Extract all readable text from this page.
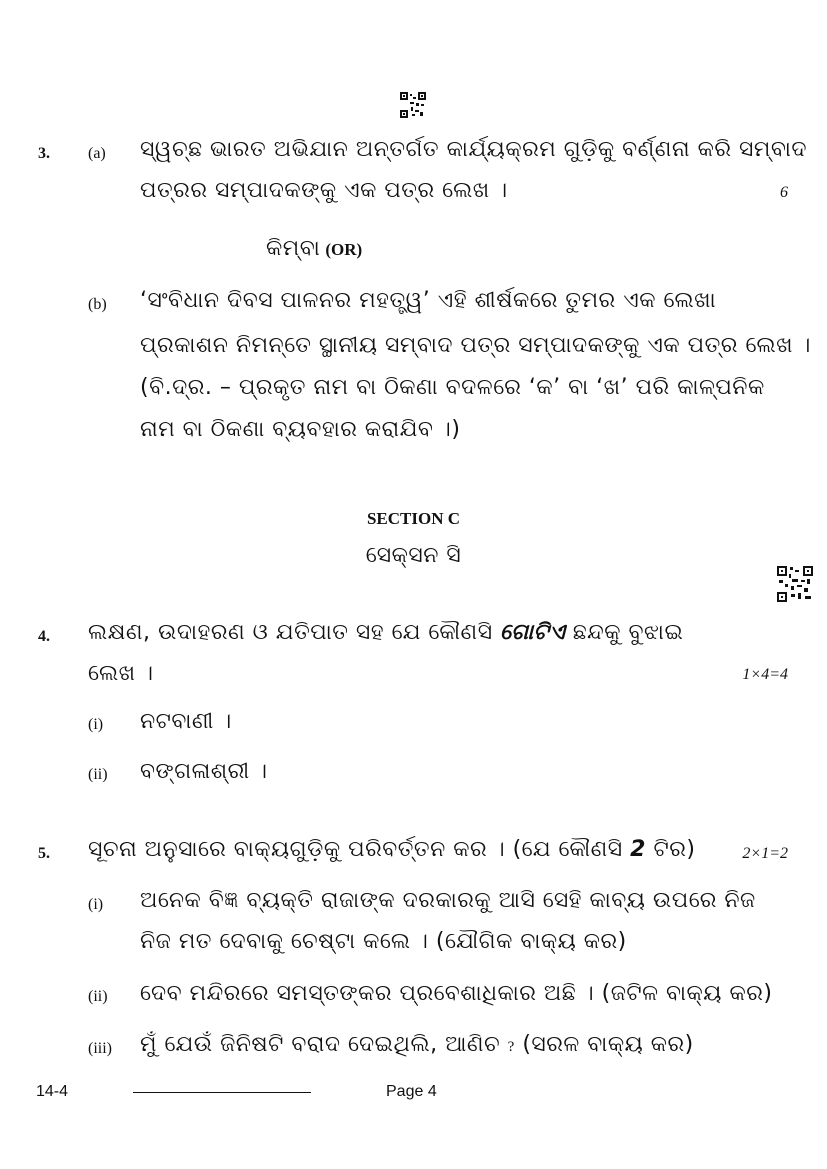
3. (a) ସ୍ୱଚ୍ଛ ଭାରତ ଅଭିଯାନ ଅନ୍ତର୍ଗତ କାର୍ଯ୍ୟକ୍ରମ ଗୁଡ଼ିକୁ ବର୍ଣ୍ଣନା କରି ସମ୍ବାଦ
ପତ୍ରର ସମ୍ପାଦକଙ୍କୁ ଏକ ପତ୍ର ଲେଖ ।	6
କିମ୍ବା (OR)
(b) ‘ସଂବିଧାନ ଦିବସ ପାଳନର ମହତ୍ତ୍ୱ’ ଏହି ଶୀର୍ଷକରେ ତୁମର ଏକ ଲେଖା
ପ୍ରକାଶନ ନିମନ୍ତେ ସ୍ଥାନୀୟ ସମ୍ବାଦ ପତ୍ର ସମ୍ପାଦକଙ୍କୁ ଏକ ପତ୍ର ଲେଖ ।
(ବି.ଦ୍ର. – ପ୍ରକୃତ ନାମ ବା ଠିକଣା ବଦଳରେ ‘କ’ ବା ‘ଖ’ ପରି କାଳ୍ପନିକ
ନାମ ବା ଠିକଣା ବ୍ୟବହାର କରାଯିବ ।)
SECTION C
ସେକ୍ସନ ସି
4. ଲକ୍ଷଣ, ଉଦାହରଣ ଓ ଯତିପାତ ସହ ଯେ କୌଣସି ଗୋଟିଏ ଛନ୍ଦକୁ ବୁଝାଇ
ଲେଖ ।	1×4=4
(i) ନଟବାଣୀ ।
(ii) ବଙ୍ଗଳାଶ୍ରୀ ।
5. ସୂଚନା ଅନୁସାରେ ବାକ୍ୟଗୁଡ଼ିକୁ ପରିବର୍ତ୍ତନ କର । (ଯେ କୌଣସି 2 ଟିର)	2×1=2
(i) ଅନେକ ବିଜ୍ଞ ବ୍ୟକ୍ତି ରାଜାଙ୍କ ଦରକାରକୁ ଆସି ସେହି କାବ୍ୟ ଉପରେ ନିଜ
ନିଜ ମତ ଦେବାକୁ ଚେଷ୍ଟା କଲେ । (ଯୌଗିକ ବାକ୍ୟ କର)
(ii) ଦେବ ମନ୍ଦିରରେ ସମସ୍ତଙ୍କର ପ୍ରବେଶାଧିକାର ଅଛି । (ଜଟିଳ ବାକ୍ୟ କର)
(iii) ମୁଁ ଯେଉଁ ଜିନିଷଟି ବରାଦ ଦେଇଥିଲି, ଆଣିଚ ? (ସରଳ ବାକ୍ୟ କର)
14-4	Page 4
